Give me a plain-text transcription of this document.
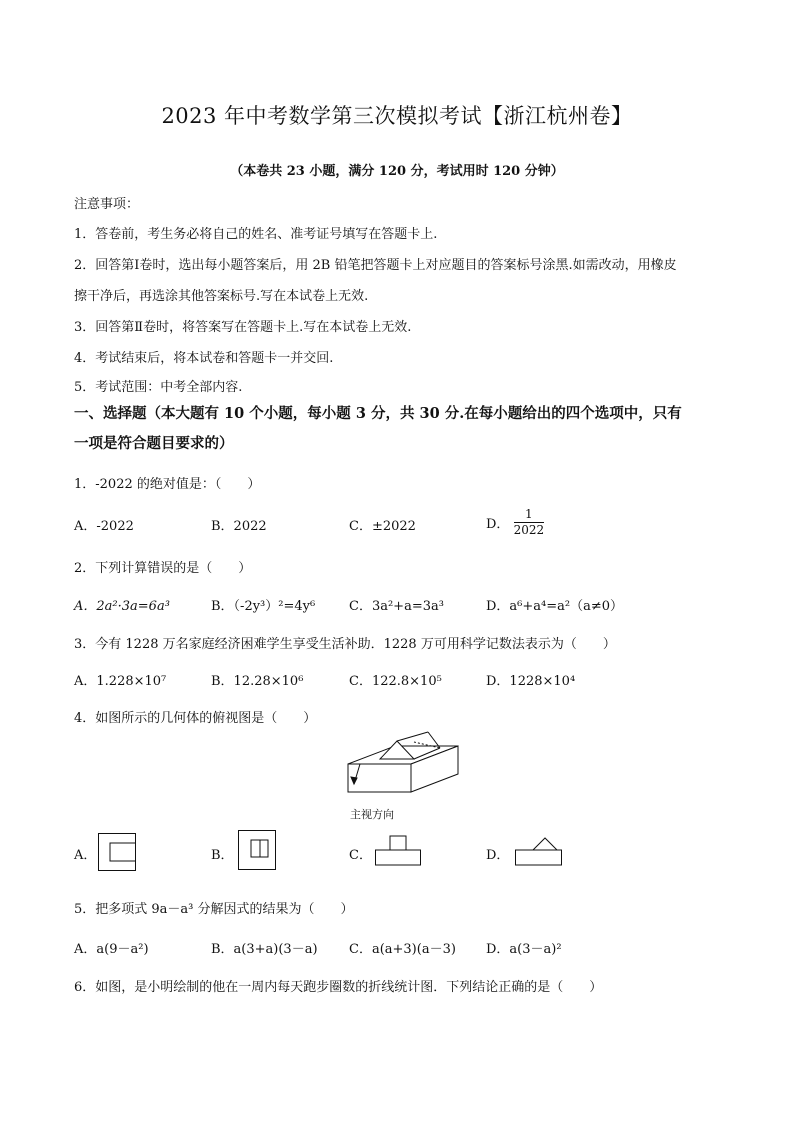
2023 年中考数学第三次模拟考试【浙江杭州卷】
（本卷共 23 小题，满分 120 分，考试用时 120 分钟）
注意事项：
1．答卷前，考生务必将自己的姓名、准考证号填写在答题卡上.
2．回答第Ⅰ卷时，选出每小题答案后，用 2B 铅笔把答题卡上对应题目的答案标号涂黑.如需改动，用橡皮
擦干净后，再选涂其他答案标号.写在本试卷上无效.
3．回答第Ⅱ卷时，将答案写在答题卡上.写在本试卷上无效.
4．考试结束后，将本试卷和答题卡一并交回.
5．考试范围：中考全部内容.
一、选择题（本大题有 10 个小题，每小题 3 分，共 30 分.在每小题给出的四个选项中，只有
一项是符合题目要求的）
1．-2022 的绝对值是：（　　）
A．-2022	B．2022	C．±2022	D． $\frac{1}{2022}$
2．下列计算错误的是（　　）
A．2a²·3a=6a³	B．（-2y³）²=4y⁶	C．3a²+a=3a³	D．a⁶+a⁴=a²（a≠0）
3．今有 1228 万名家庭经济困难学生享受生活补助．1228 万可用科学记数法表示为（　　）
A．1.228×10⁷	B．12.28×10⁶	C．122.8×10⁵	D．1228×10⁴
4．如图所示的几何体的俯视图是（　　）
主视方向
A．	B．	C．	D．
5．把多项式 9a－a³ 分解因式的结果为（　　）
A．a(9－a²)	B．a(3+a)(3－a) C．a(a+3)(a－3) D．a(3－a)²
6．如图，是小明绘制的他在一周内每天跑步圈数的折线统计图．下列结论正确的是（　　）
